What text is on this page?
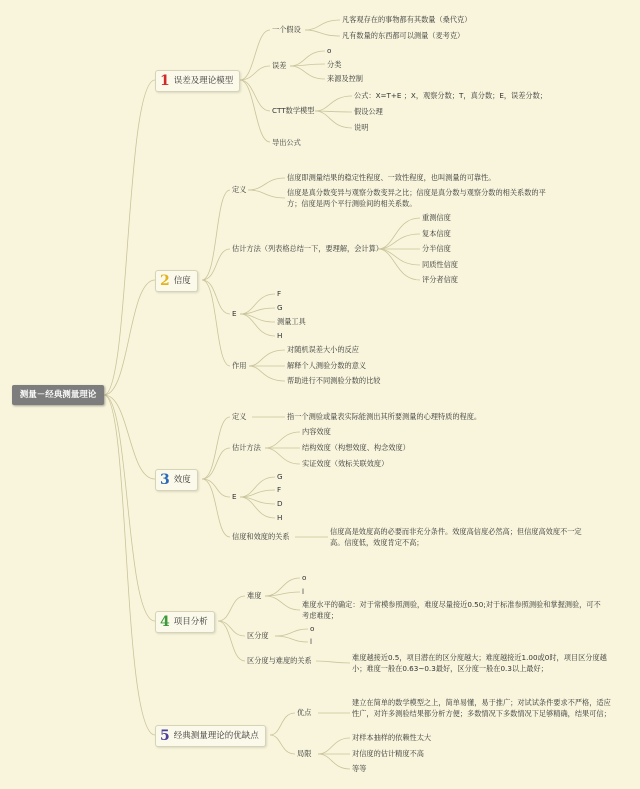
测量－经典测量理论
1 误差及理论模型
一个假设
凡客观存在的事物都有其数量（桑代克）
凡有数量的东西都可以测量（麦考克）
误差
o
分类
来源及控制
CTT数学模型
公式：X=T+E ；X，观察分数；T，真分数；E，误差分数；
假设公理
说明
导出公式
2 信度
定义
信度即测量结果的稳定性程度、一致性程度，也叫测量的可靠性。
信度是真分数变异与观察分数变异之比；信度是真分数与观察分数的相关系数的平方；信度是两个平行测验间的相关系数。
估计方法（列表格总结一下，要理解，会计算）
重测信度
复本信度
分半信度
同质性信度
评分者信度
E
F
G
测量工具
H
作用
对随机误差大小的反应
解释个人测验分数的意义
帮助进行不同测验分数的比较
3 效度
定义	指一个测验或量表实际能测出其所要测量的心理特质的程度。
估计方法
内容效度
结构效度（构想效度、构念效度）
实证效度（效标关联效度）
E
G
F
D
H
信度和效度的关系
信度高是效度高的必要而非充分条件。效度高信度必然高；但信度高效度不一定高。信度低，效度肯定不高；
4 项目分析
难度
o
l
难度水平的确定：对于常模参照测验，难度尽量接近0.50;对于标准参照测验和掌握测验，可不考虑难度；
区分度
o
l
区分度与难度的关系	难度越接近0.5，项目潜在的区分度越大；难度越接近1.00或0时，项目区分度越小；难度一般在0.63~0.3最好，区分度一般在0.3以上最好；
5 经典测量理论的优缺点
优点
建立在简单的数学模型之上，简单易懂，易于推广；对试试条件要求不严格，适应性广，对许多测验结果都分析方便；多数情况下多数情况下足够精确，结果可信；
局限
对样本抽样的依赖性太大
对信度的估计精度不高
等等
